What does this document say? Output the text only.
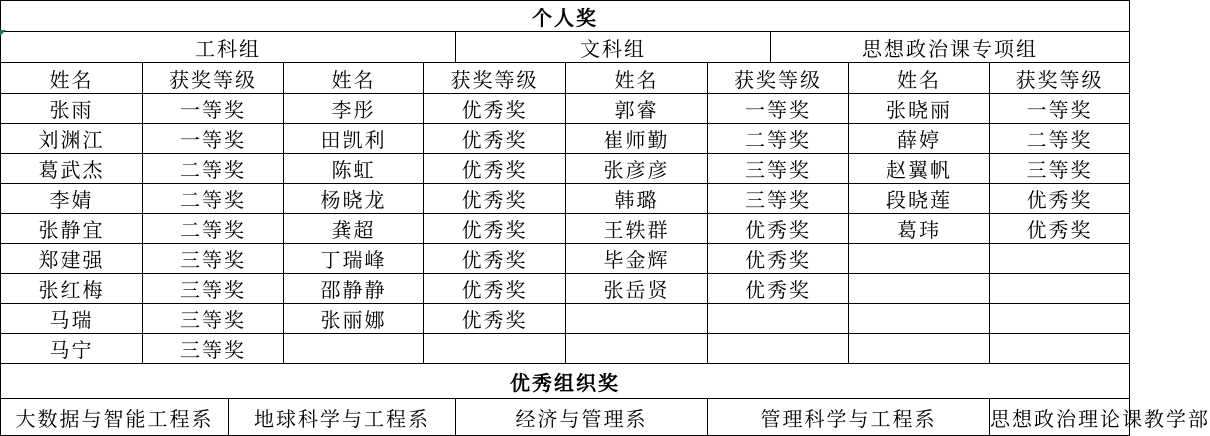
个人奖										
工科组					文科组			思想政治课专项组		
姓名	获奖等级		姓名	获奖等级		姓名	获奖等级		姓名	获奖等级
张雨	一等奖		李彤	优秀奖		郭睿	一等奖		张晓丽	一等奖
刘渊江	一等奖		田凯利	优秀奖		崔师勤	二等奖		薛婷	二等奖
葛武杰	二等奖		陈虹	优秀奖		张彦彦	三等奖		赵翼帆	三等奖
李婧	二等奖		杨晓龙	优秀奖		韩璐	三等奖		段晓莲	优秀奖
张静宜	二等奖		龚超	优秀奖		王轶群	优秀奖		葛玮	优秀奖
郑建强	三等奖		丁瑞峰	优秀奖		毕金辉	优秀奖			
张红梅	三等奖		邵静静	优秀奖		张岳贤	优秀奖			
马瑞	三等奖		张丽娜	优秀奖						
马宁	三等奖									
优秀组织奖										
大数据与智能工程系		地球科学与工程系			经济与管理系		管理科学与工程系			思想政治理论课教学部
